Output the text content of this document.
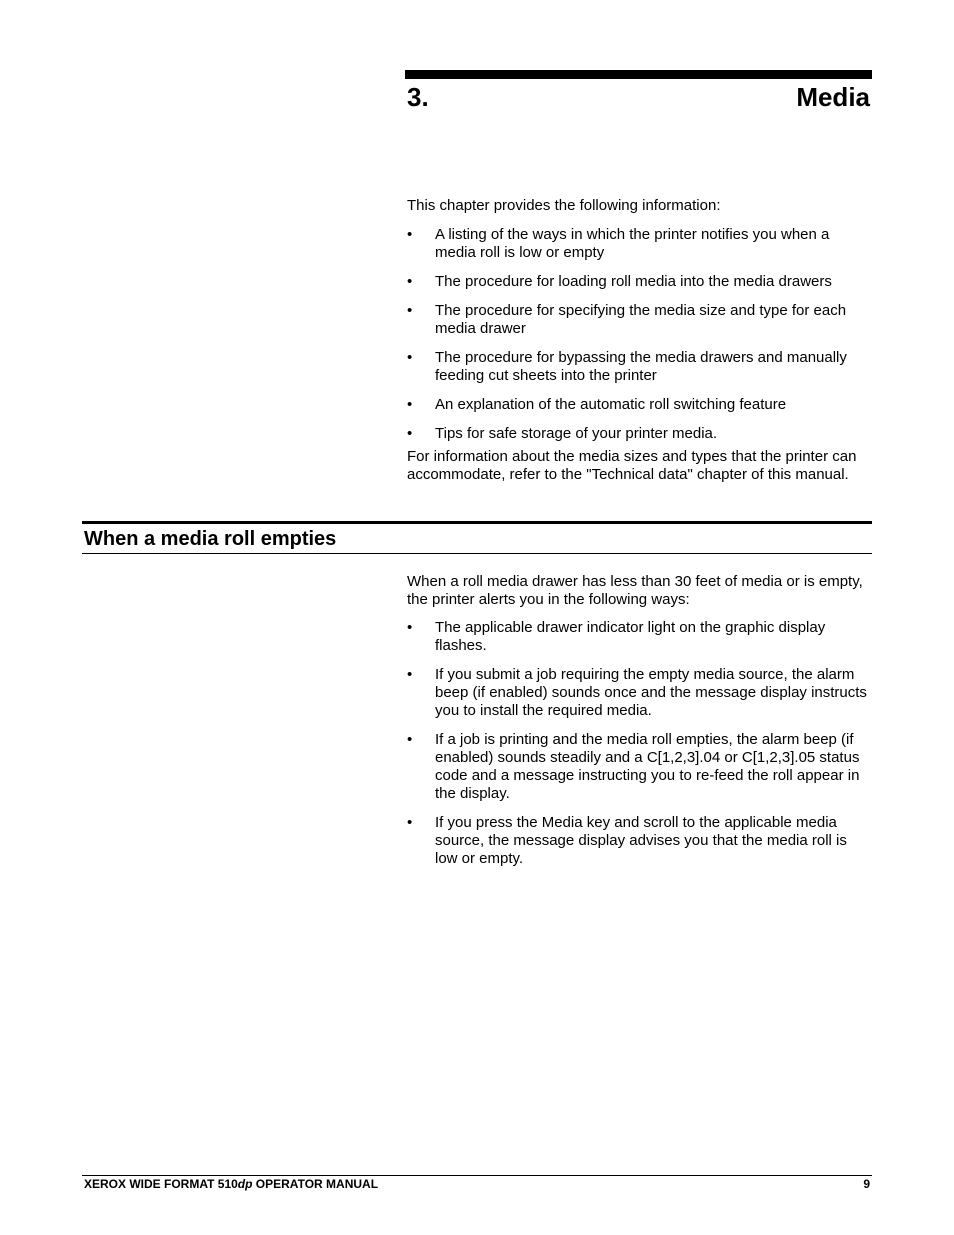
3.	Media

This chapter provides the following information:

• A listing of the ways in which the printer notifies you when a media roll is low or empty
• The procedure for loading roll media into the media drawers
• The procedure for specifying the media size and type for each media drawer
• The procedure for bypassing the media drawers and manually feeding cut sheets into the printer
• An explanation of the automatic roll switching feature
• Tips for safe storage of your printer media.

For information about the media sizes and types that the printer can accommodate, refer to the "Technical data" chapter of this manual.

When a media roll empties

When a roll media drawer has less than 30 feet of media or is empty, the printer alerts you in the following ways:

• The applicable drawer indicator light on the graphic display flashes.
• If you submit a job requiring the empty media source, the alarm beep (if enabled) sounds once and the message display instructs you to install the required media.
• If a job is printing and the media roll empties, the alarm beep (if enabled) sounds steadily and a C[1,2,3].04 or C[1,2,3].05 status code and a message instructing you to re-feed the roll appear in the display.
• If you press the Media key and scroll to the applicable media source, the message display advises you that the media roll is low or empty.
XEROX WIDE FORMAT 510dp OPERATOR MANUAL	9
